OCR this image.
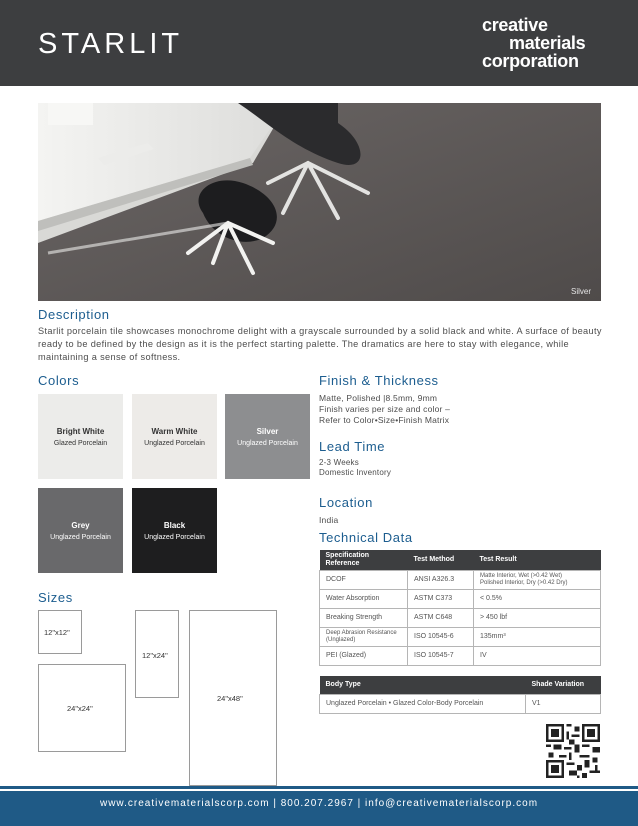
STARLIT
creative
materials
corporation
Silver
Description
Starlit porcelain tile showcases monochrome delight with a grayscale surrounded by a solid black and white. A surface of beauty ready to be defined by the design as it is the perfect starting palette. The dramatics are here to stay with elegance, while maintaining a sense of softness.
Colors
Bright White
Glazed Porcelain
Warm White
Unglazed Porcelain
Silver
Unglazed Porcelain
Grey
Unglazed Porcelain
Black
Unglazed Porcelain
Sizes
12"x12"
12"x24"
24"x24"
24"x48"
Finish & Thickness
Matte, Polished |8.5mm, 9mm
Finish varies per size and color –
Refer to Color•Size•Finish Matrix
Lead Time
2-3 Weeks
Domestic Inventory
Location
India
Technical Data
Specification Reference	Test Method	Test Result
DCOF	ANSI A326.3	Matte Interior, Wet (>0.42 Wet)
Polished Interior, Dry (>0.42 Dry)

Water Absorption	ASTM C373	< 0.5%
Breaking Strength	ASTM C648	> 450 lbf
Deep Abrasion Resistance (Unglazed)	ISO 10545-6	135mm³
PEI (Glazed)	ISO 10545-7	IV
Body Type	Shade Variation
Unglazed Porcelain • Glazed Color-Body Porcelain	V1
www.creativematerialscorp.com | 800.207.2967 | info@creativematerialscorp.com
